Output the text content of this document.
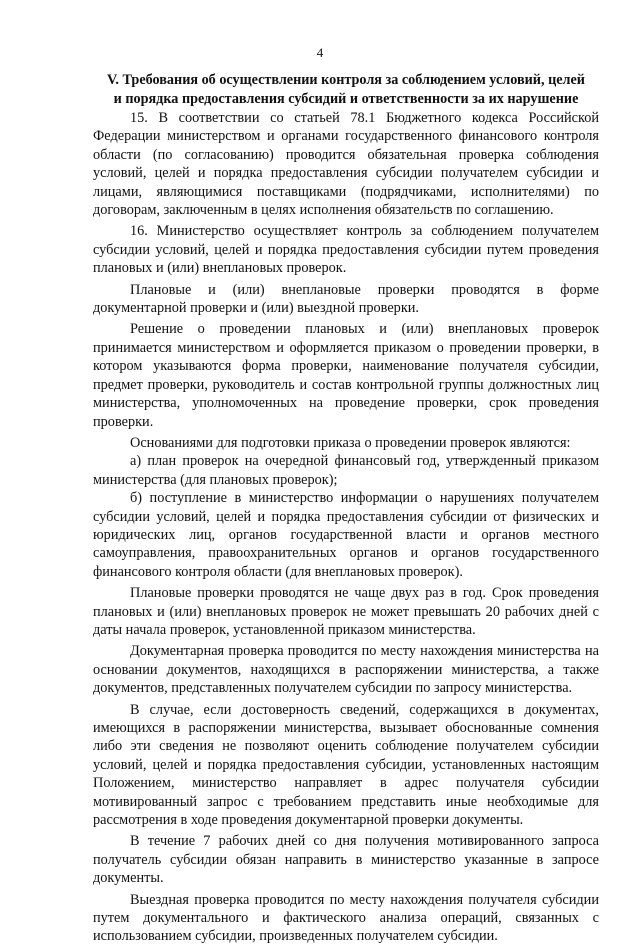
4
V. Требования об осуществлении контроля за соблюдением условий, целей
и порядка предоставления субсидий и ответственности за их нарушение

15. В соответствии со статьей 78.1 Бюджетного кодекса Российской Федерации министерством и органами государственного финансового контроля области (по согласованию) проводится обязательная проверка соблюдения условий, целей и порядка предоставления субсидии получателем субсидии и лицами, являющимися поставщиками (подрядчиками, исполнителями) по договорам, заключенным в целях исполнения обязательств по соглашению.

16. Министерство осуществляет контроль за соблюдением получателем субсидии условий, целей и порядка предоставления субсидии путем проведения плановых и (или) внеплановых проверок.

Плановые и (или) внеплановые проверки проводятся в форме документарной проверки и (или) выездной проверки.

Решение о проведении плановых и (или) внеплановых проверок принимается министерством и оформляется приказом о проведении проверки, в котором указываются форма проверки, наименование получателя субсидии, предмет проверки, руководитель и состав контрольной группы должностных лиц министерства, уполномоченных на проведение проверки, срок проведения проверки.

Основаниями для подготовки приказа о проведении проверок являются:

а) план проверок на очередной финансовый год, утвержденный приказом министерства (для плановых проверок);

б) поступление в министерство информации о нарушениях получателем субсидии условий, целей и порядка предоставления субсидии от физических и юридических лиц, органов государственной власти и органов местного самоуправления, правоохранительных органов и органов государственного финансового контроля области (для внеплановых проверок).

Плановые проверки проводятся не чаще двух раз в год. Срок проведения плановых и (или) внеплановых проверок не может превышать 20 рабочих дней с даты начала проверок, установленной приказом министерства.

Документарная проверка проводится по месту нахождения министерства на основании документов, находящихся в распоряжении министерства, а также документов, представленных получателем субсидии по запросу министерства.

В случае, если достоверность сведений, содержащихся в документах, имеющихся в распоряжении министерства, вызывает обоснованные сомнения либо эти сведения не позволяют оценить соблюдение получателем субсидии условий, целей и порядка предоставления субсидии, установленных настоящим Положением, министерство направляет в адрес получателя субсидии мотивированный запрос с требованием представить иные необходимые для рассмотрения в ходе проведения документарной проверки документы.

В течение 7 рабочих дней со дня получения мотивированного запроса получатель субсидии обязан направить в министерство указанные в запросе документы.

Выездная проверка проводится по месту нахождения получателя субсидии путем документального и фактического анализа операций, связанных с использованием субсидии, произведенных получателем субсидии.
